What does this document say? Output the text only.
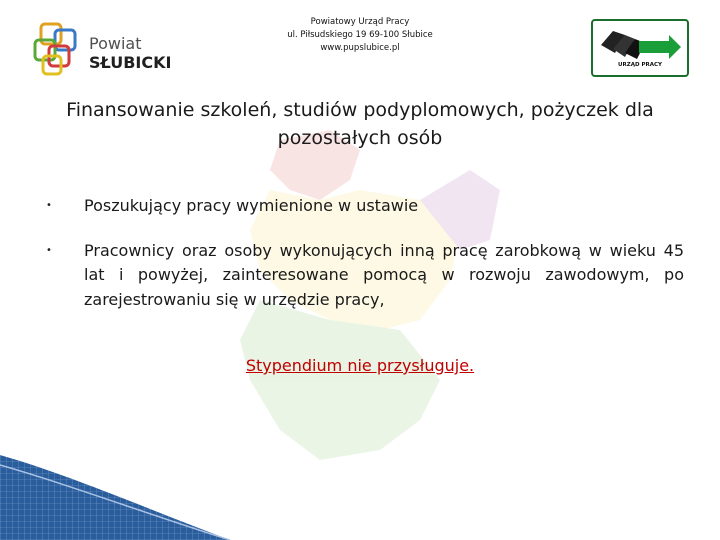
Powiat
SŁUBICKI
Powiatowy Urząd Pracy
ul. Piłsudskiego 19 69-100 Słubice
www.pupslubice.pl
URZĄD PRACY
Finansowanie szkoleń, studiów podyplomowych, pożyczek dla
pozostałych osób
• Poszukujący pracy wymienione w ustawie
• Pracownicy oraz osoby wykonujących inną pracę zarobkową w wieku 45 lat i powyżej, zainteresowane pomocą w rozwoju zawodowym, po zarejestrowaniu się w urzędzie pracy,
Stypendium nie przysługuje.
